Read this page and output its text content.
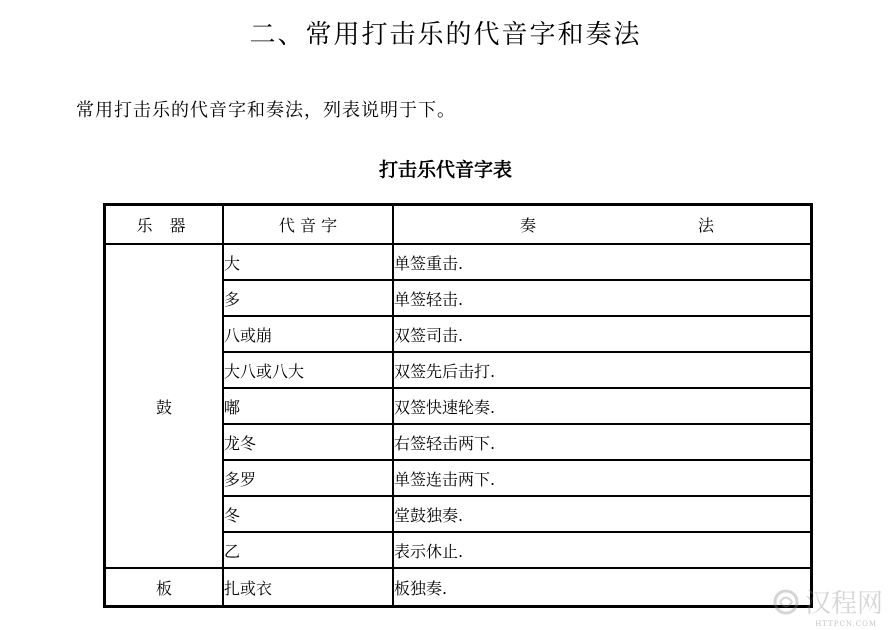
二、常用打击乐的代音字和奏法
常用打击乐的代音字和奏法，列表说明于下。
打击乐代音字表
乐 器	代 音 字	奏 法

鼓	大	单签重击.
	多	单签轻击.
	八或崩	双签司击.
	大八或八大	双签先后击打.
	嘟	双签快速轮奏.
	龙冬	右签轻击两下.
	多罗	单签连击两下.
	冬	堂鼓独奏.
	乙	表示休止.
板	扎或衣	板独奏.
汉程网
HTTPCN.COM
